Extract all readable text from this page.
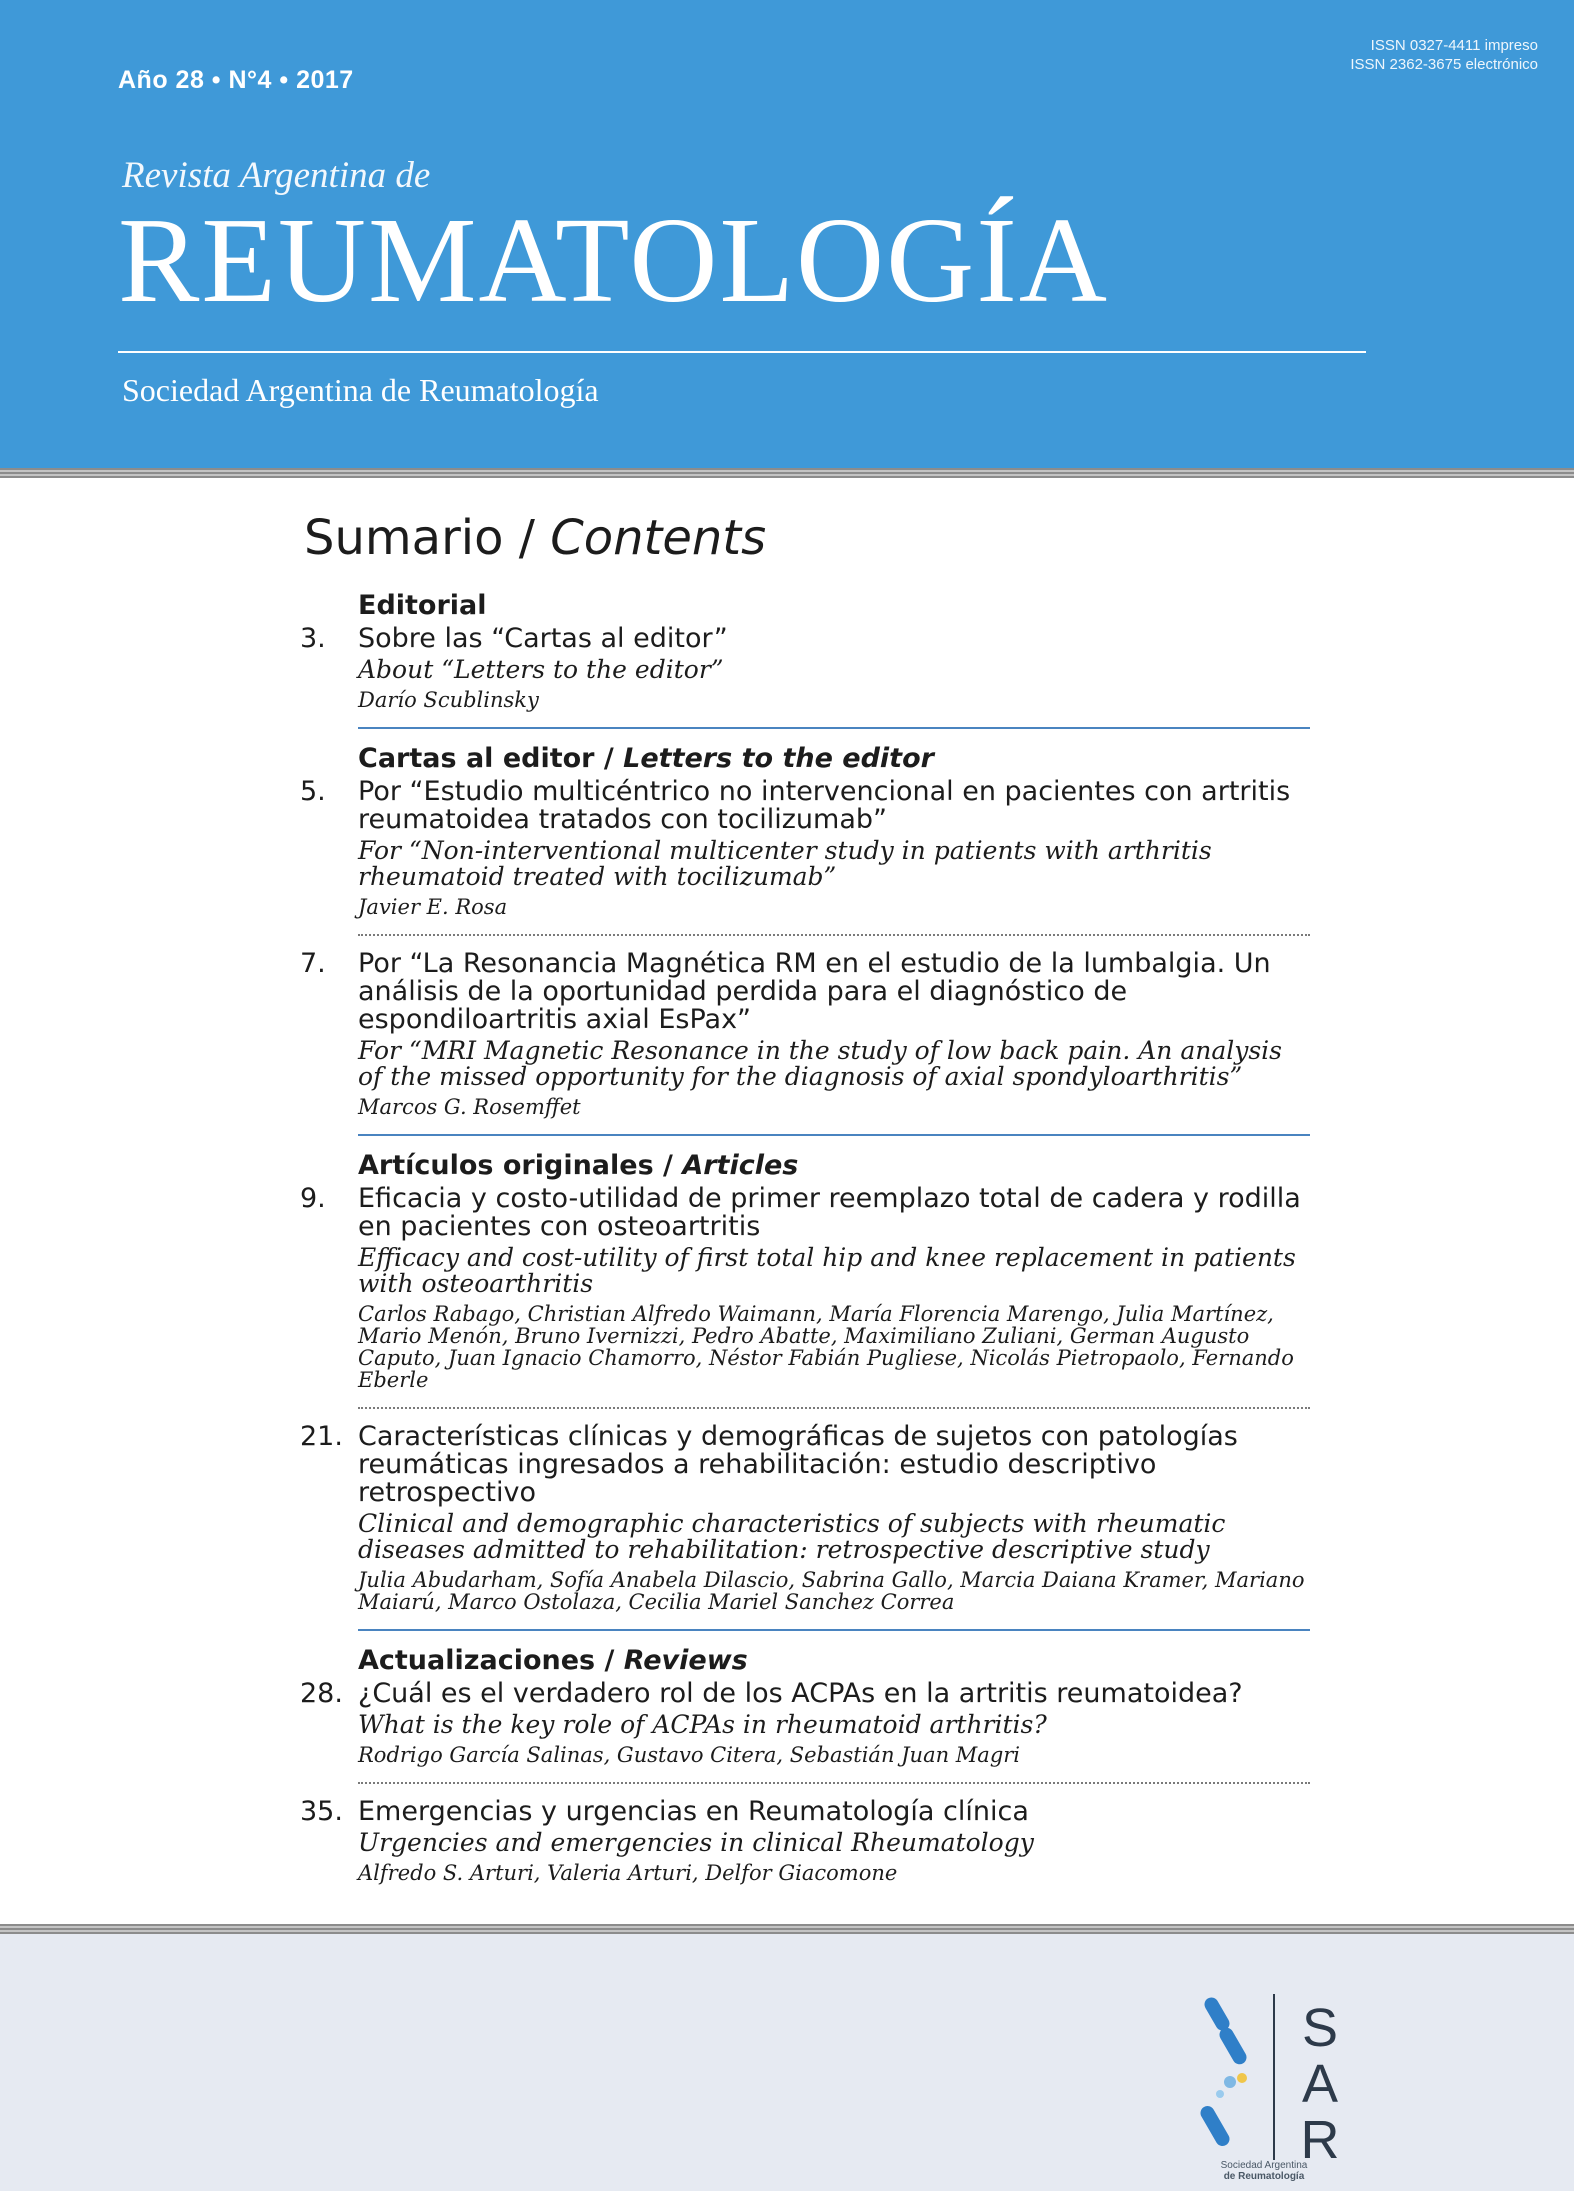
Año 28 • N°4 • 2017
ISSN 0327-4411 impreso
ISSN 2362-3675 electrónico
Revista Argentina de
REUMATOLOGÍA
Sociedad Argentina de Reumatología
Sumario / Contents
Editorial
3. Sobre las “Cartas al editor”
About “Letters to the editor”
Darío Scublinsky
Cartas al editor / Letters to the editor
5. Por “Estudio multicéntrico no intervencional en pacientes con artritis reumatoidea tratados con tocilizumab”
For “Non-interventional multicenter study in patients with arthritis rheumatoid treated with tocilizumab”
Javier E. Rosa
7. Por “La Resonancia Magnética RM en el estudio de la lumbalgia. Un análisis de la oportunidad perdida para el diagnóstico de espondiloartritis axial EsPax”
For “MRI Magnetic Resonance in the study of low back pain. An analysis of the missed opportunity for the diagnosis of axial spondyloarthritis”
Marcos G. Rosemffet
Artículos originales / Articles
9. Eficacia y costo-utilidad de primer reemplazo total de cadera y rodilla en pacientes con osteoartritis
Efficacy and cost-utility of first total hip and knee replacement in patients with osteoarthritis
Carlos Rabago, Christian Alfredo Waimann, María Florencia Marengo, Julia Martínez, Mario Menón, Bruno Ivernizzi, Pedro Abatte, Maximiliano Zuliani, German Augusto Caputo, Juan Ignacio Chamorro, Néstor Fabián Pugliese, Nicolás Pietropaolo, Fernando Eberle
21. Características clínicas y demográficas de sujetos con patologías reumáticas ingresados a rehabilitación: estudio descriptivo retrospectivo
Clinical and demographic characteristics of subjects with rheumatic diseases admitted to rehabilitation: retrospective descriptive study
Julia Abudarham, Sofía Anabela Dilascio, Sabrina Gallo, Marcia Daiana Kramer, Mariano Maiarú, Marco Ostolaza, Cecilia Mariel Sanchez Correa
Actualizaciones / Reviews
28. ¿Cuál es el verdadero rol de los ACPAs en la artritis reumatoidea?
What is the key role of ACPAs in rheumatoid arthritis?
Rodrigo García Salinas, Gustavo Citera, Sebastián Juan Magri
35. Emergencias y urgencias en Reumatología clínica
Urgencies and emergencies in clinical Rheumatology
Alfredo S. Arturi, Valeria Arturi, Delfor Giacomone
S
A
R
Sociedad Argentina
de Reumatología
